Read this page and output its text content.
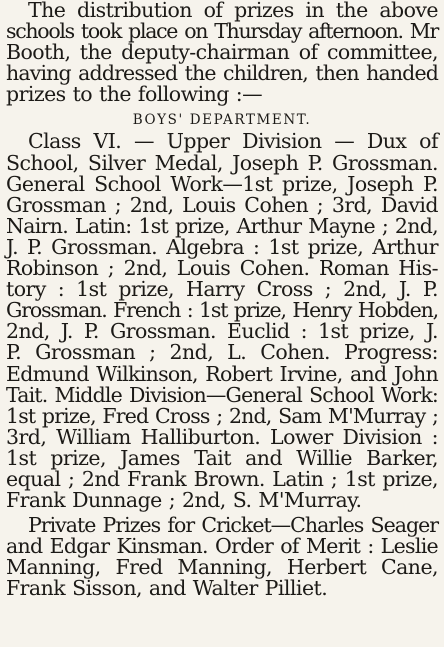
The distribution of prizes in the above
schools took place on Thursday afternoon. Mr
Booth, the deputy-chairman of committee,
having addressed the children, then handed
prizes to the following :—
BOYS' DEPARTMENT.
Class VI. — Upper Division — Dux of
School, Silver Medal, Joseph P. Grossman.
General School Work—1st prize, Joseph P.
Grossman ; 2nd, Louis Cohen ; 3rd, David
Nairn. Latin: 1st prize, Arthur Mayne ; 2nd,
J. P. Grossman. Algebra : 1st prize, Arthur
Robinson ; 2nd, Louis Cohen. Roman His-
tory : 1st prize, Harry Cross ; 2nd, J. P.
Grossman. French : 1st prize, Henry Hobden,
2nd, J. P. Grossman. Euclid : 1st prize, J.
P. Grossman ; 2nd, L. Cohen. Progress:
Edmund Wilkinson, Robert Irvine, and John
Tait. Middle Division—General School Work:
1st prize, Fred Cross ; 2nd, Sam M'Murray ;
3rd, William Halliburton. Lower Division :
1st prize, James Tait and Willie Barker,
equal ; 2nd Frank Brown. Latin ; 1st prize,
Frank Dunnage ; 2nd, S. M'Murray.
Private Prizes for Cricket—Charles Seager
and Edgar Kinsman. Order of Merit : Leslie
Manning, Fred Manning, Herbert Cane,
Frank Sisson, and Walter Pilliet.
